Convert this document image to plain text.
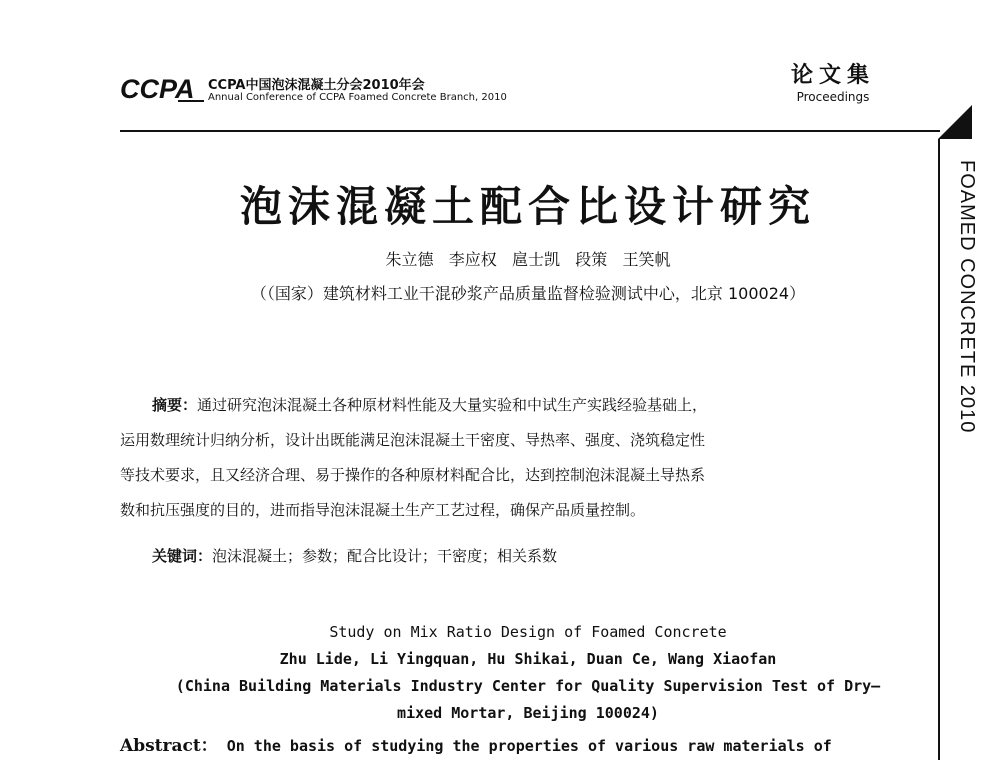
CCPA CCPA中国泡沫混凝土分会2010年会
Annual Conference of CCPA Foamed Concrete Branch, 2010
论文集
Proceedings
FOAMED CONCRETE 2010
泡沫混凝土配合比设计研究
朱立德   李应权   扈士凯   段策   王笑帆
（（国家）建筑材料工业干混砂浆产品质量监督检验测试中心，北京 100024）

摘要：通过研究泡沫混凝土各种原材料性能及大量实验和中试生产实践经验基础上，

运用数理统计归纳分析，设计出既能满足泡沫混凝土干密度、导热率、强度、浇筑稳定性

等技术要求，且又经济合理、易于操作的各种原材料配合比，达到控制泡沫混凝土导热系

数和抗压强度的目的，进而指导泡沫混凝土生产工艺过程，确保产品质量控制。

关键词：泡沫混凝土；参数；配合比设计；干密度；相关系数
Study on Mix Ratio Design of Foamed Concrete
Zhu Lide, Li Yingquan, Hu Shikai, Duan Ce, Wang Xiaofan
(China Building Materials Industry Center for Quality Supervision Test of Dry—
mixed Mortar, Beijing 100024)
Abstract： On the basis of studying the properties of various raw materials of
